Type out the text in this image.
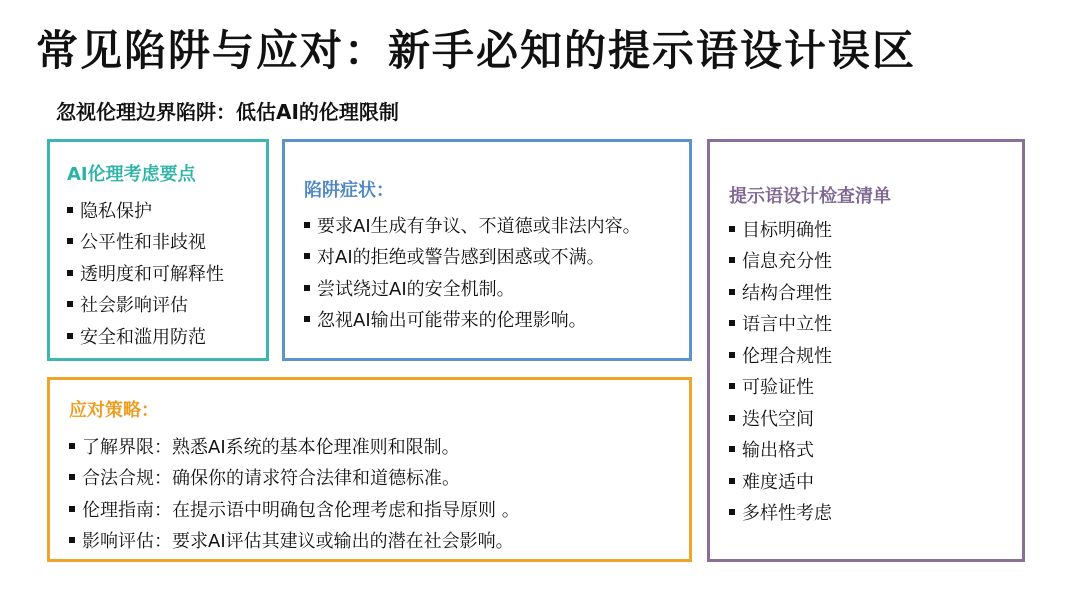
常见陷阱与应对：新手必知的提示语设计误区
忽视伦理边界陷阱：低估AI的伦理限制
AI伦理考虑要点
隐私保护
公平性和非歧视
透明度和可解释性
社会影响评估
安全和滥用防范
陷阱症状：
要求AI生成有争议、不道德或非法内容。
对AI的拒绝或警告感到困惑或不满。
尝试绕过AI的安全机制。
忽视AI输出可能带来的伦理影响。
应对策略：
了解界限：熟悉AI系统的基本伦理准则和限制。
合法合规：确保你的请求符合法律和道德标准。
伦理指南：在提示语中明确包含伦理考虑和指导原则 。
影响评估：要求AI评估其建议或输出的潜在社会影响。
提示语设计检查清单
目标明确性
信息充分性
结构合理性
语言中立性
伦理合规性
可验证性
迭代空间
输出格式
难度适中
多样性考虑
